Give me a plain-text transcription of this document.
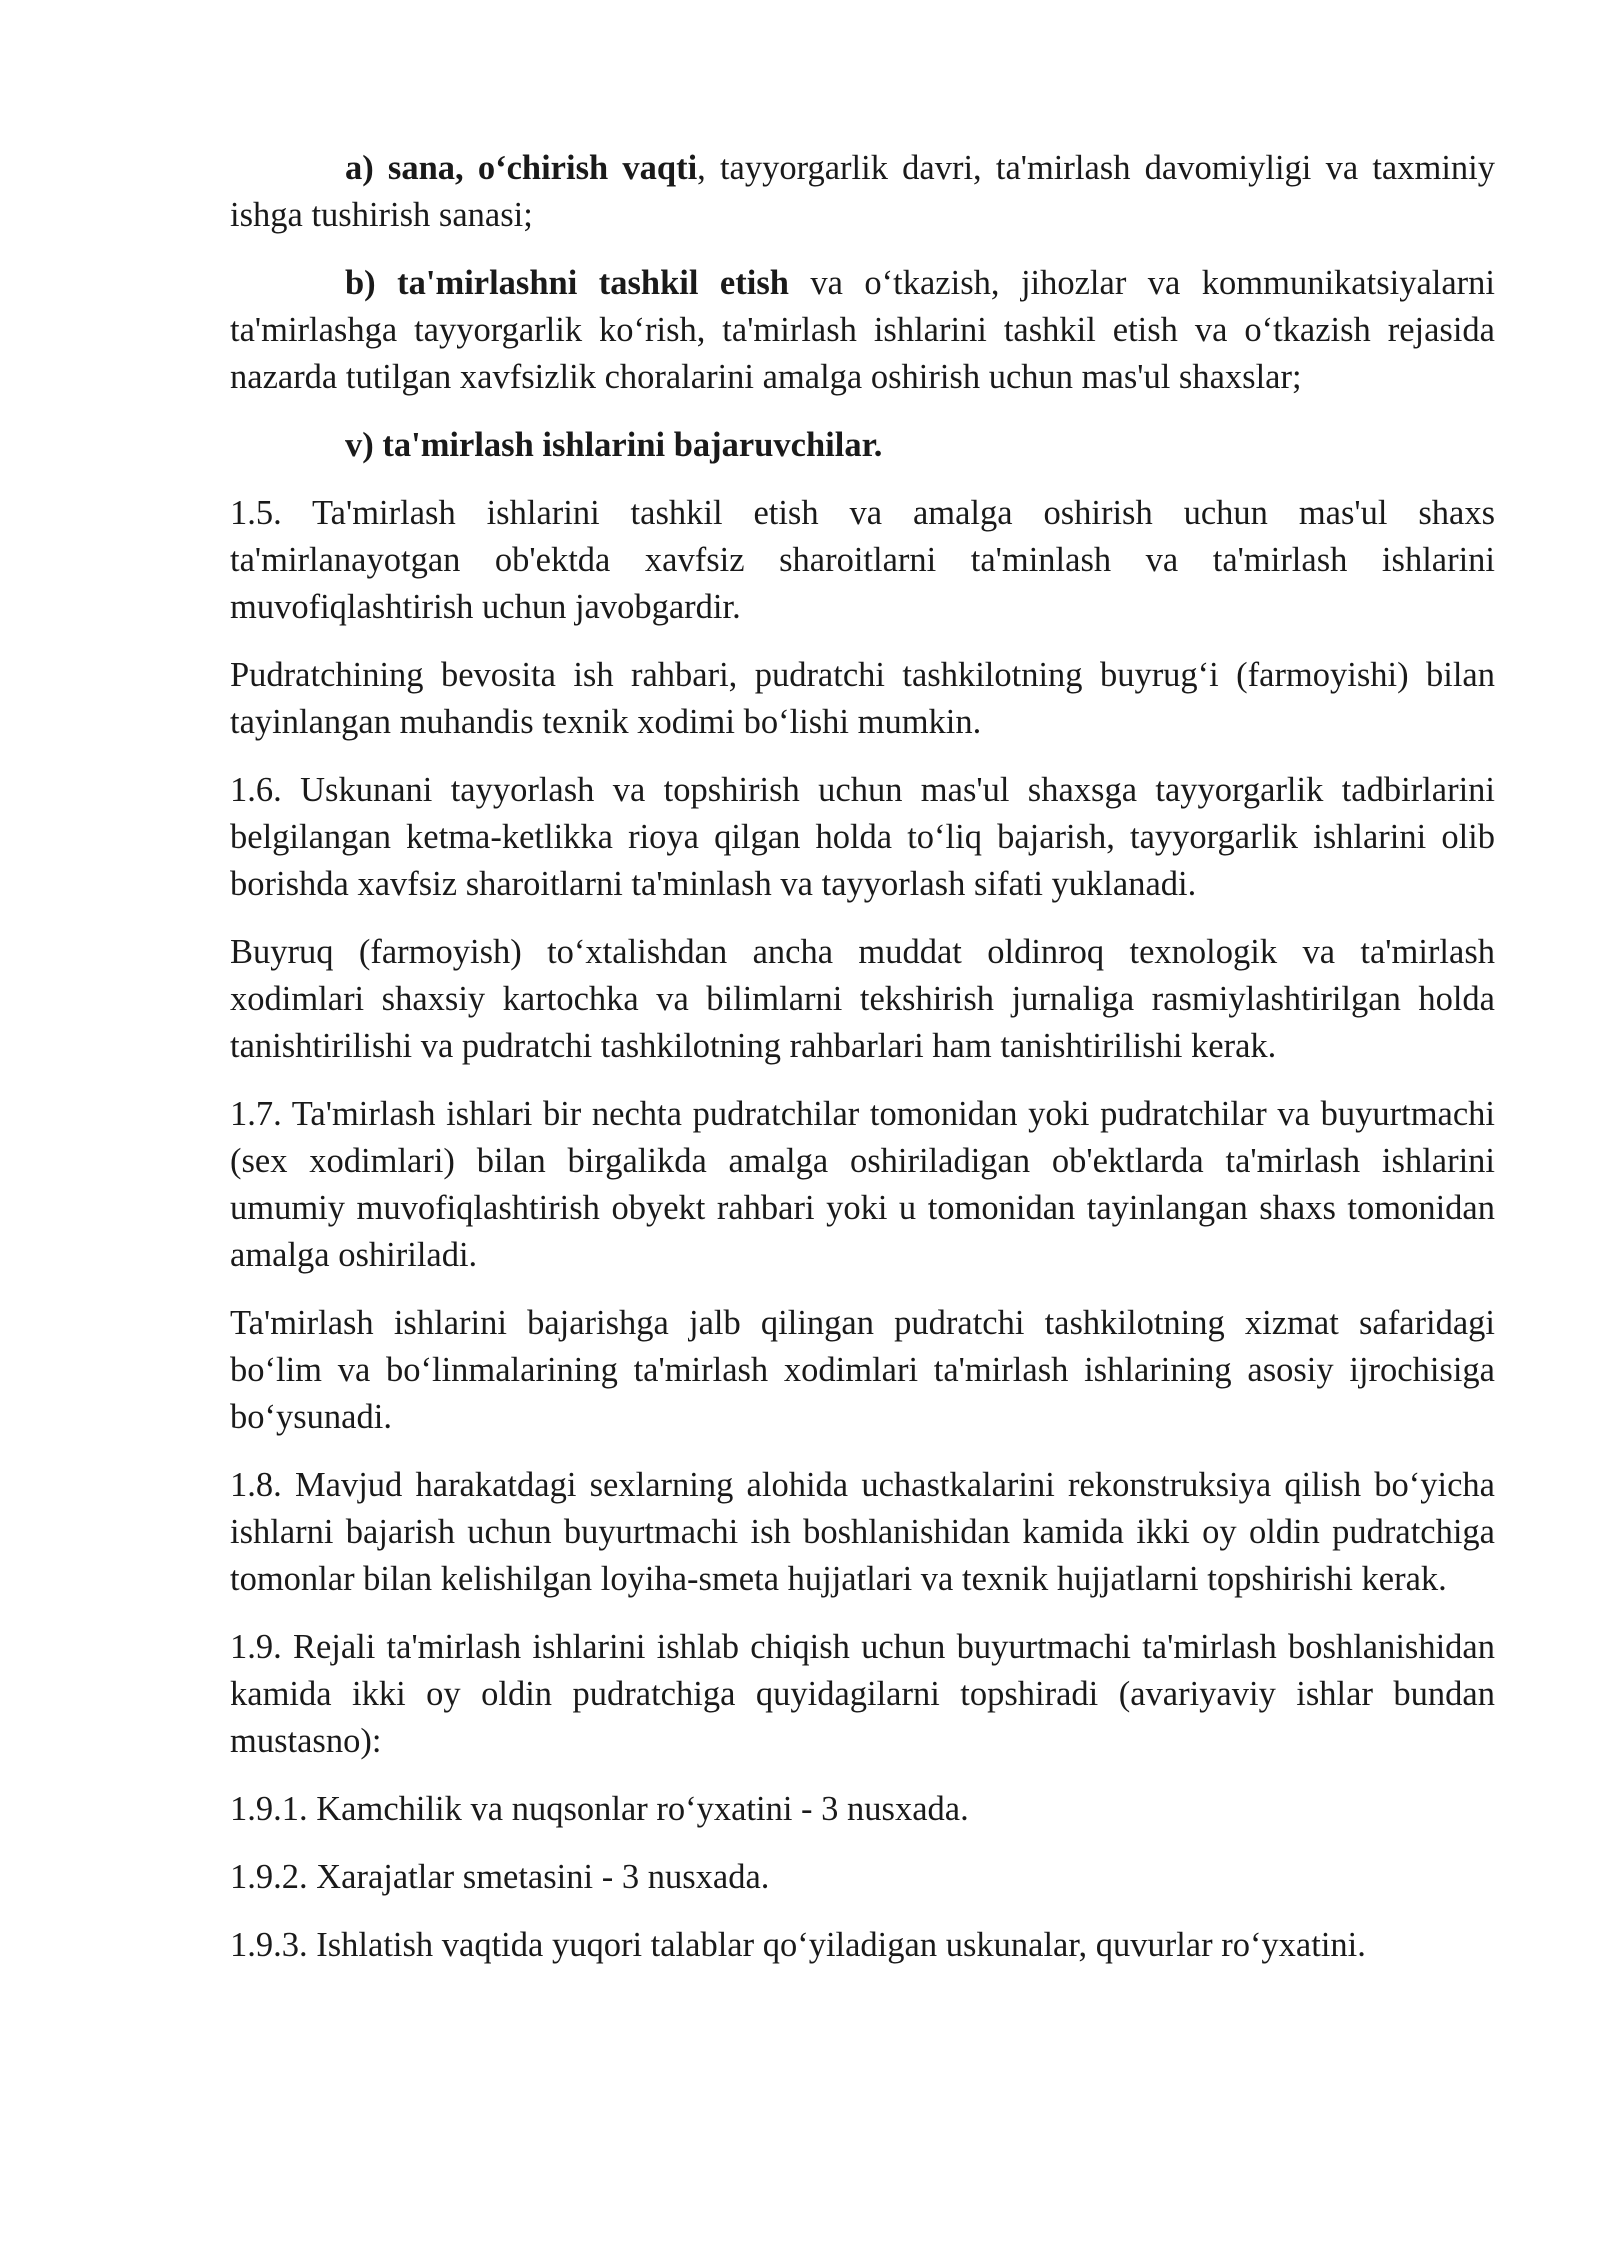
a) sana, o‘chirish vaqti, tayyorgarlik davri, ta'mirlash davomiyligi va taxminiy ishga tushirish sanasi;

b) ta'mirlashni tashkil etish va o‘tkazish, jihozlar va kommunikatsiyalarni ta'mirlashga tayyorgarlik ko‘rish, ta'mirlash ishlarini tashkil etish va o‘tkazish rejasida nazarda tutilgan xavfsizlik choralarini amalga oshirish uchun mas'ul shaxslar;

v) ta'mirlash ishlarini bajaruvchilar.

1.5. Ta'mirlash ishlarini tashkil etish va amalga oshirish uchun mas'ul shaxs ta'mirlanayotgan ob'ektda xavfsiz sharoitlarni ta'minlash va ta'mirlash ishlarini muvofiqlashtirish uchun javobgardir.

Pudratchining bevosita ish rahbari, pudratchi tashkilotning buyrug‘i (farmoyishi) bilan tayinlangan muhandis texnik xodimi bo‘lishi mumkin.

1.6. Uskunani tayyorlash va topshirish uchun mas'ul shaxsga tayyorgarlik tadbirlarini belgilangan ketma-ketlikka rioya qilgan holda to‘liq bajarish, tayyorgarlik ishlarini olib borishda xavfsiz sharoitlarni ta'minlash va tayyorlash sifati yuklanadi.

Buyruq (farmoyish) to‘xtalishdan ancha muddat oldinroq texnologik va ta'mirlash xodimlari shaxsiy kartochka va bilimlarni tekshirish jurnaliga rasmiylashtirilgan holda tanishtirilishi va pudratchi tashkilotning rahbarlari ham tanishtirilishi kerak.

1.7. Ta'mirlash ishlari bir nechta pudratchilar tomonidan yoki pudratchilar va buyurtmachi (sex xodimlari) bilan birgalikda amalga oshiriladigan ob'ektlarda ta'mirlash ishlarini umumiy muvofiqlashtirish obyekt rahbari yoki u tomonidan tayinlangan shaxs tomonidan amalga oshiriladi.

Ta'mirlash ishlarini bajarishga jalb qilingan pudratchi tashkilotning xizmat safaridagi bo‘lim va bo‘linmalarining ta'mirlash xodimlari ta'mirlash ishlarining asosiy ijrochisiga bo‘ysunadi.

1.8. Mavjud harakatdagi sexlarning alohida uchastkalarini rekonstruksiya qilish bo‘yicha ishlarni bajarish uchun buyurtmachi ish boshlanishidan kamida ikki oy oldin pudratchiga tomonlar bilan kelishilgan loyiha-smeta hujjatlari va texnik hujjatlarni topshirishi kerak.

1.9. Rejali ta'mirlash ishlarini ishlab chiqish uchun buyurtmachi ta'mirlash boshlanishidan kamida ikki oy oldin pudratchiga quyidagilarni topshiradi (avariyaviy ishlar bundan mustasno):

1.9.1. Kamchilik va nuqsonlar ro‘yxatini - 3 nusxada.

1.9.2. Xarajatlar smetasini - 3 nusxada.

1.9.3. Ishlatish vaqtida yuqori talablar qo‘yiladigan uskunalar, quvurlar ro‘yxatini.
